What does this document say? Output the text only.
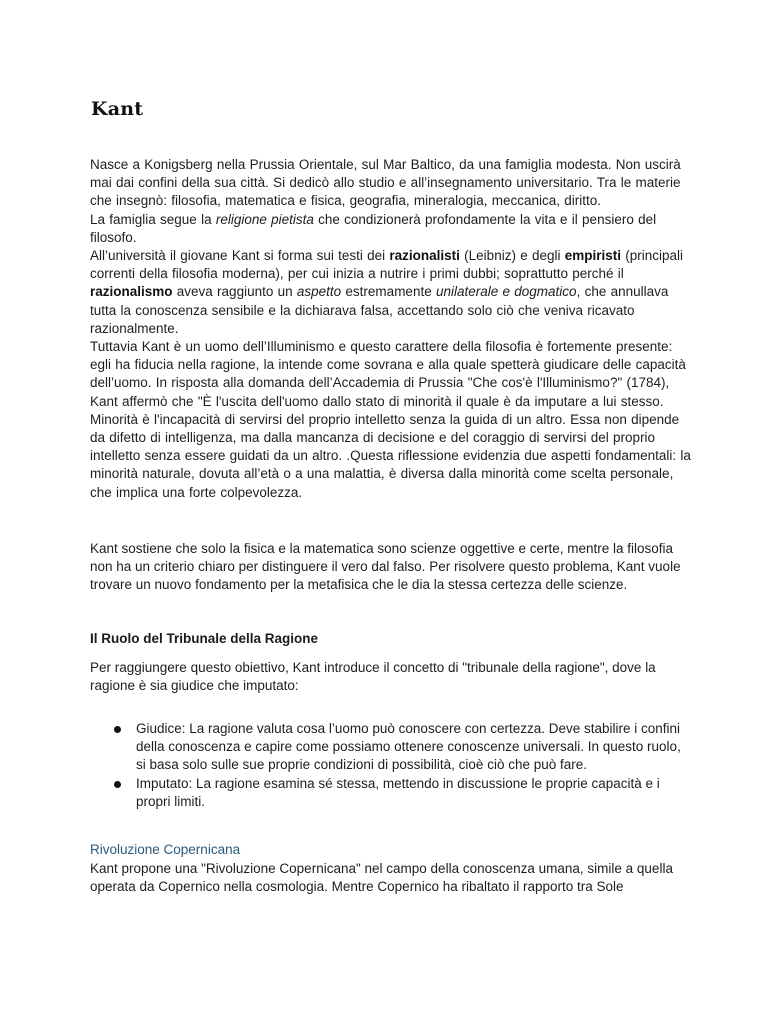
Kant
Nasce a Konigsberg nella Prussia Orientale, sul Mar Baltico, da una famiglia modesta. Non uscirà mai dai confini della sua città. Si dedicò allo studio e all’insegnamento universitario. Tra le materie che insegnò: filosofia, matematica e fisica, geografia, mineralogia, meccanica, diritto.
La famiglia segue la religione pietista che condizionerà profondamente la vita e il pensiero del filosofo.
All’università il giovane Kant si forma sui testi dei razionalisti (Leibniz) e degli empiristi (principali correnti della filosofia moderna), per cui inizia a nutrire i primi dubbi; soprattutto perché il razionalismo aveva raggiunto un aspetto estremamente unilaterale e dogmatico, che annullava tutta la conoscenza sensibile e la dichiarava falsa, accettando solo ciò che veniva ricavato razionalmente.
Tuttavia Kant è un uomo dell’Illuminismo e questo carattere della filosofia è fortemente presente: egli ha fiducia nella ragione, la intende come sovrana e alla quale spetterà giudicare delle capacità dell’uomo. In risposta alla domanda dell’Accademia di Prussia "Che cos'è l'Illuminismo?" (1784), Kant affermò che "È l'uscita dell'uomo dallo stato di minorità il quale è da imputare a lui stesso. Minorità è l'incapacità di servirsi del proprio intelletto senza la guida di un altro. Essa non dipende da difetto di intelligenza, ma dalla mancanza di decisione e del coraggio di servirsi del proprio intelletto senza essere guidati da un altro. .Questa riflessione evidenzia due aspetti fondamentali: la minorità naturale, dovuta all’età o a una malattia, è diversa dalla minorità come scelta personale, che implica una forte colpevolezza.

Kant sostiene che solo la fisica e la matematica sono scienze oggettive e certe, mentre la filosofia non ha un criterio chiaro per distinguere il vero dal falso. Per risolvere questo problema, Kant vuole trovare un nuovo fondamento per la metafisica che le dia la stessa certezza delle scienze.

Il Ruolo del Tribunale della Ragione

Per raggiungere questo obiettivo, Kant introduce il concetto di "tribunale della ragione", dove la ragione è sia giudice che imputato:

Giudice: La ragione valuta cosa l’uomo può conoscere con certezza. Deve stabilire i confini della conoscenza e capire come possiamo ottenere conoscenze universali. In questo ruolo, si basa solo sulle sue proprie condizioni di possibilità, cioè ciò che può fare.
Imputato: La ragione esamina sé stessa, mettendo in discussione le proprie capacità e i propri limiti.
Rivoluzione Copernicana

Kant propone una "Rivoluzione Copernicana" nel campo della conoscenza umana, simile a quella operata da Copernico nella cosmologia. Mentre Copernico ha ribaltato il rapporto tra Sole
